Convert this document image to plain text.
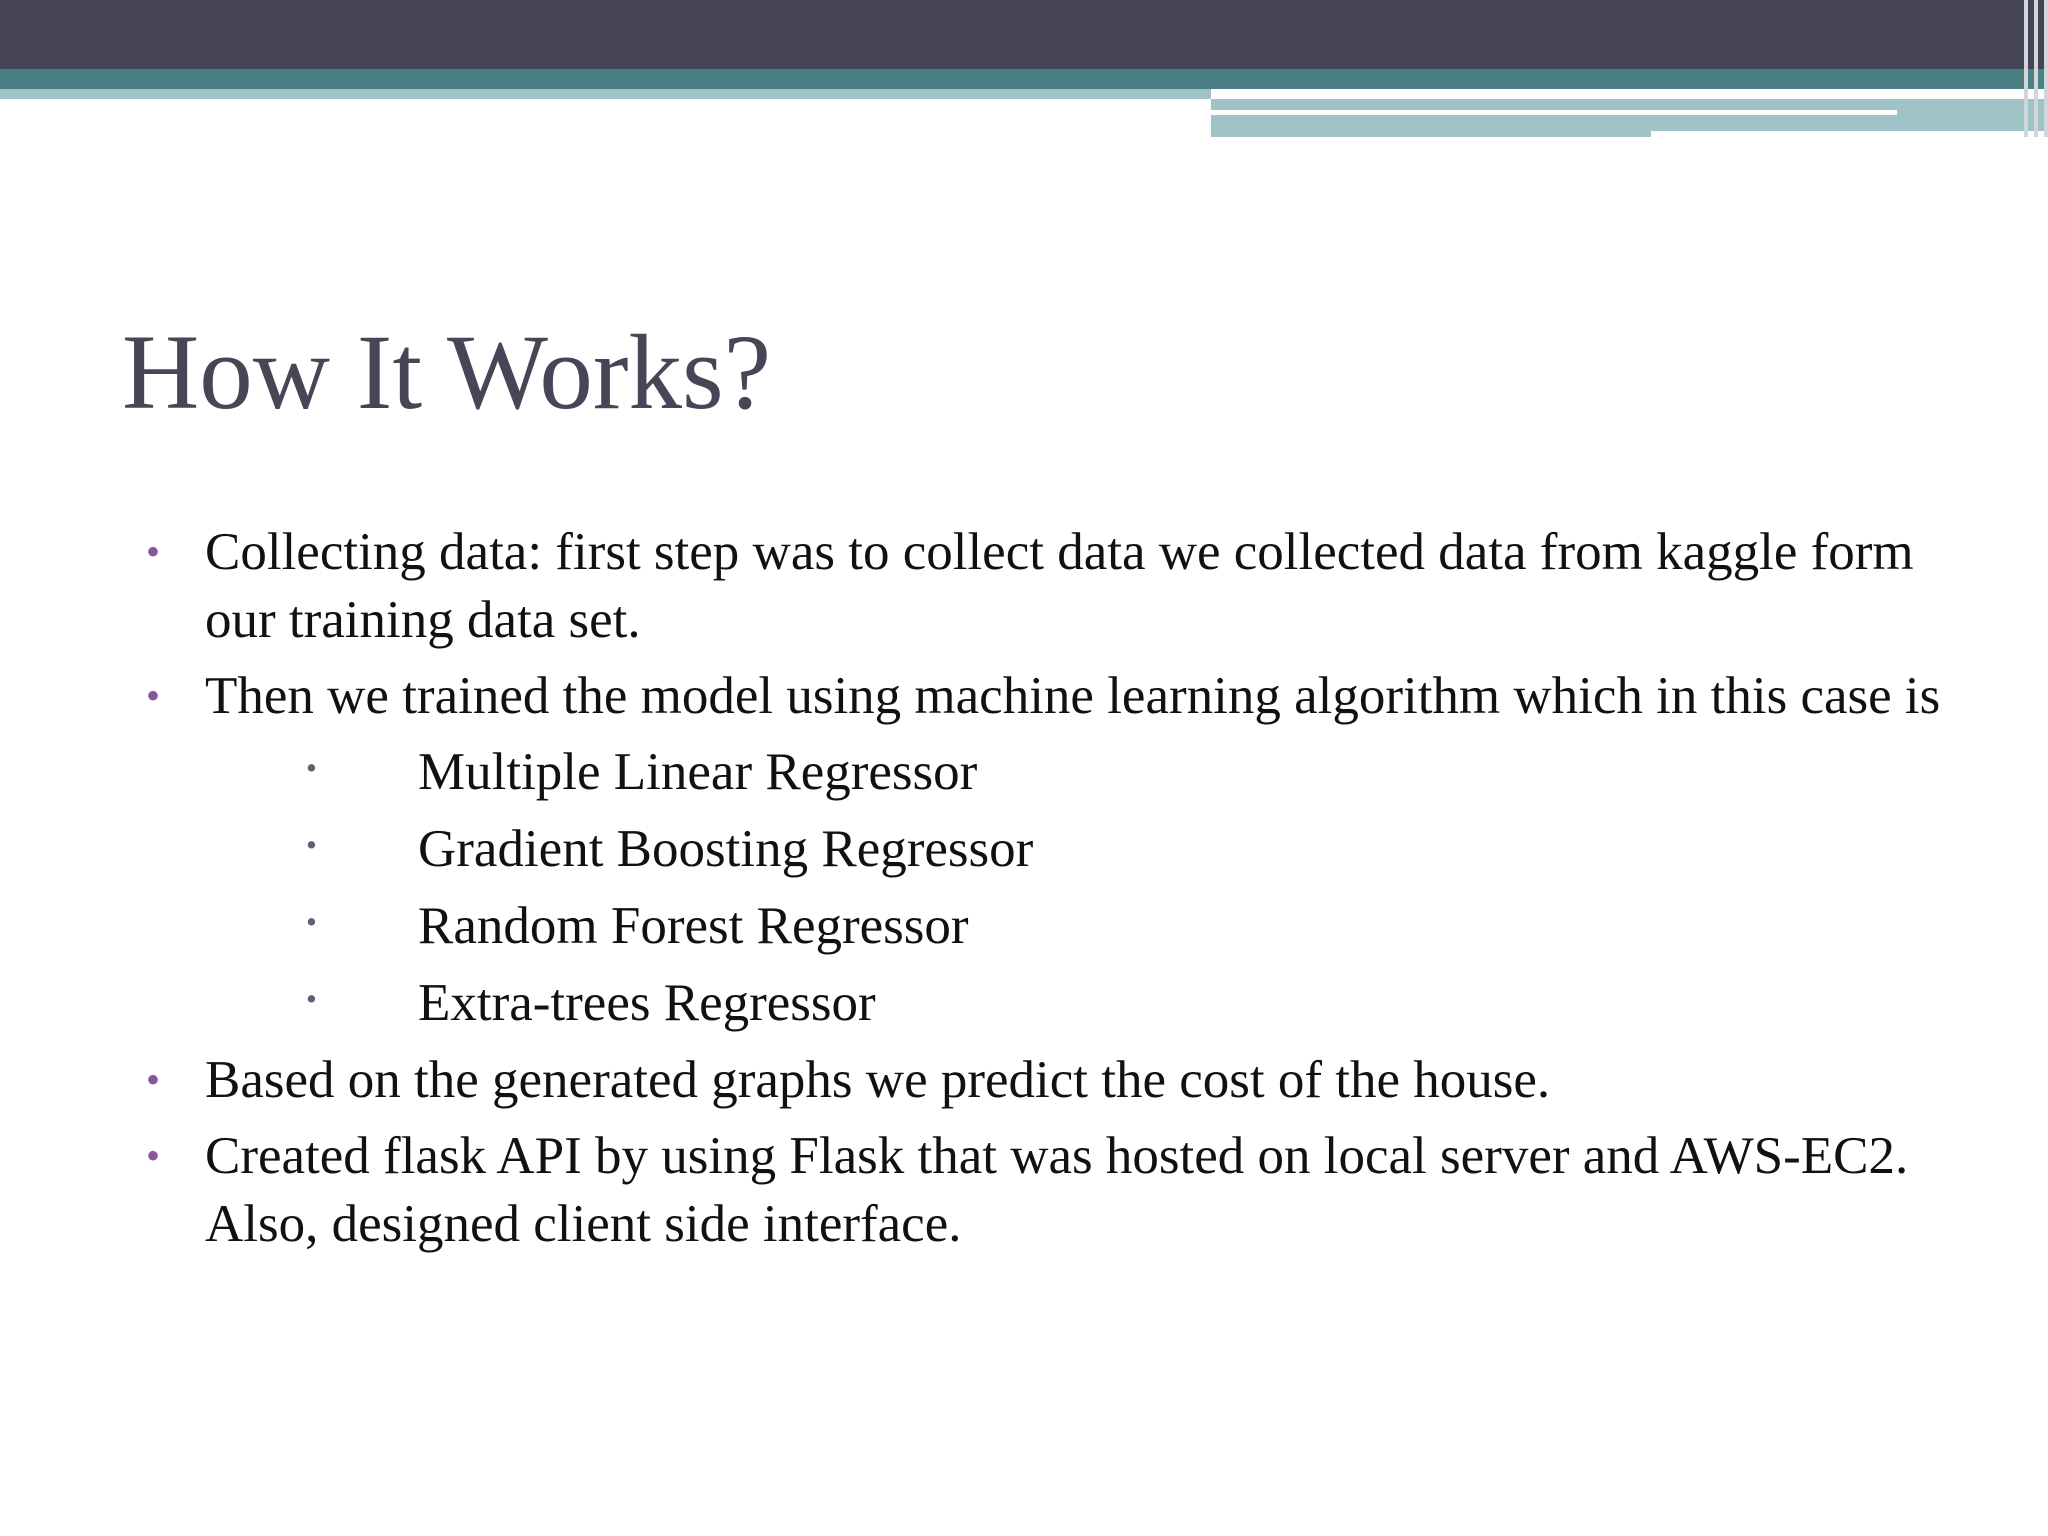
How It Works?
• Collecting data: first step was to collect data we collected data from kaggle form our training data set.
• Then we trained the model using machine learning algorithm which in this case is
• Multiple Linear Regressor
• Gradient Boosting Regressor
• Random Forest Regressor
• Extra-trees Regressor
• Based on the generated graphs we predict the cost of the house.
• Created flask API by using Flask that was hosted on local server and AWS-EC2. Also, designed client side interface.
